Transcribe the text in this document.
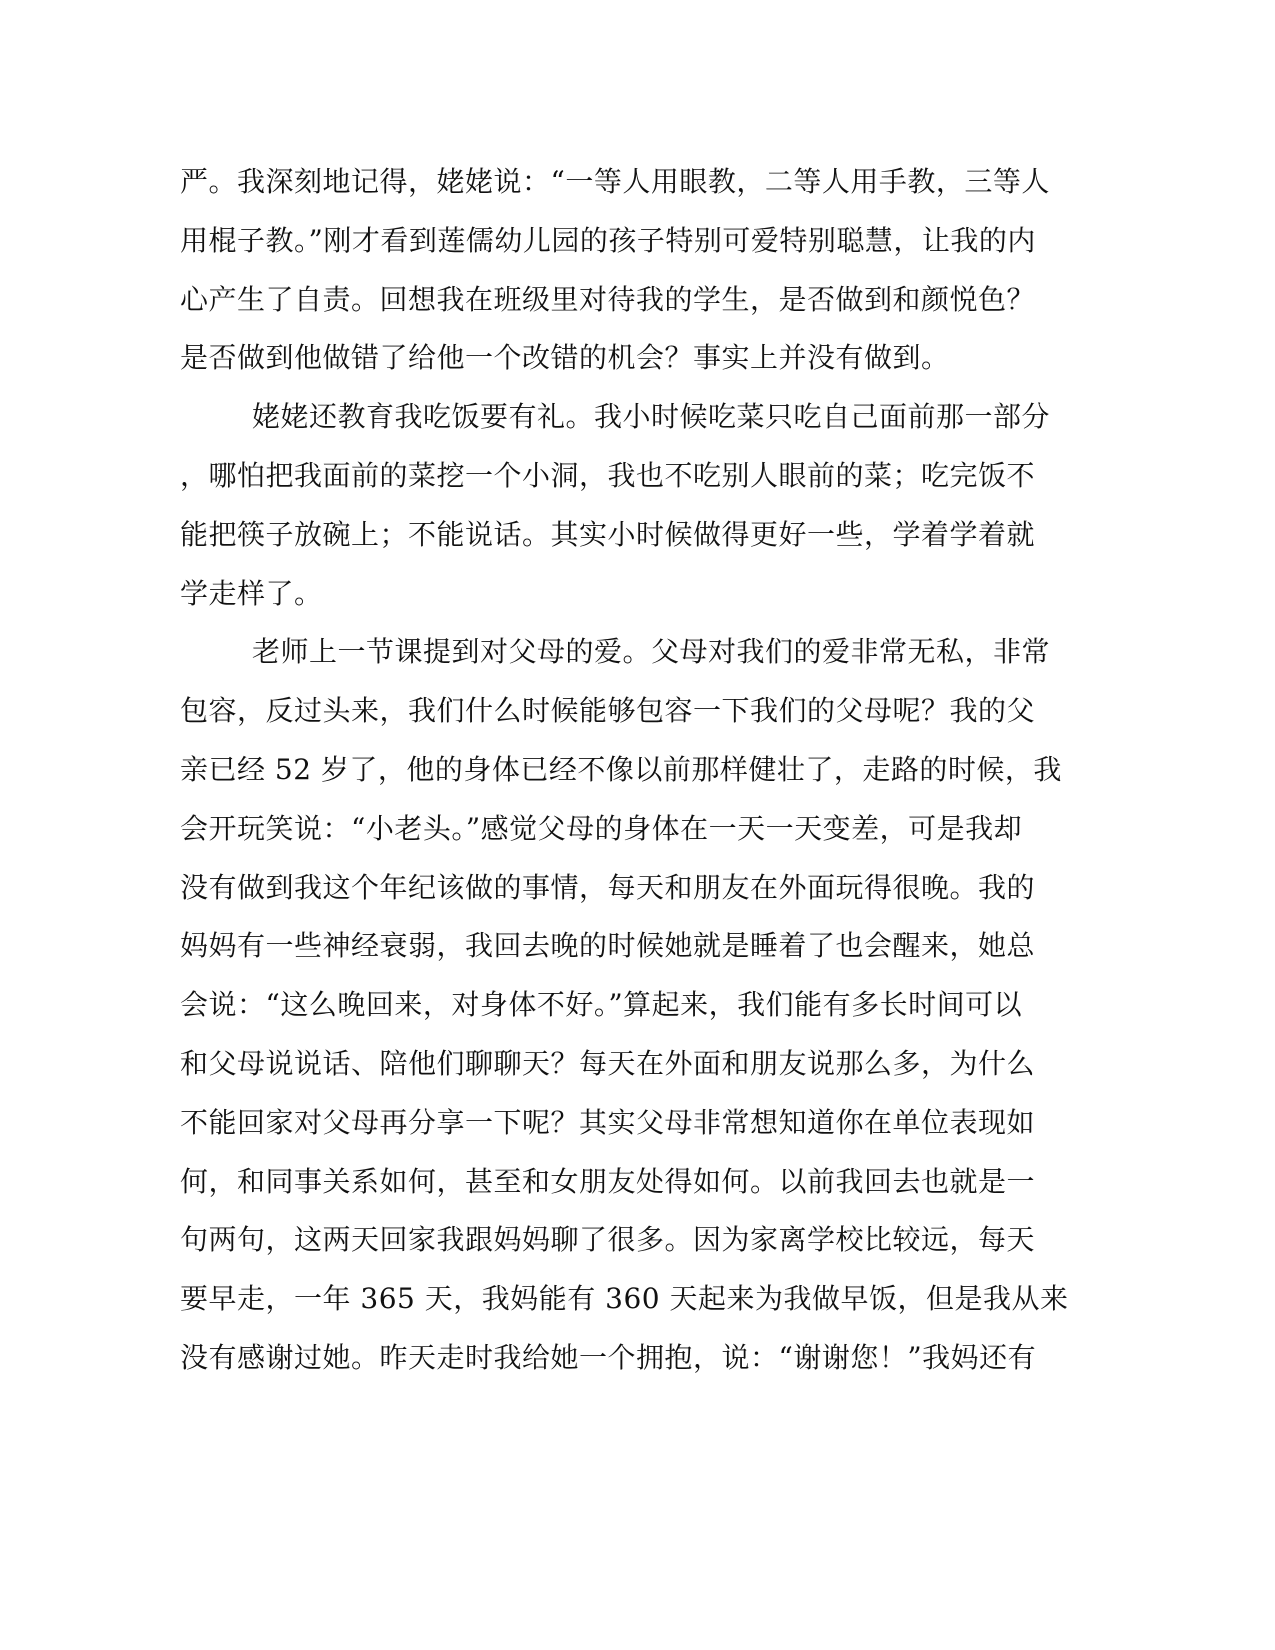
严。我深刻地记得，姥姥说：“一等人用眼教，二等人用手教，三等人
用棍子教。”刚才看到莲儒幼儿园的孩子特别可爱特别聪慧，让我的内
心产生了自责。回想我在班级里对待我的学生，是否做到和颜悦色？
是否做到他做错了给他一个改错的机会？事实上并没有做到。
姥姥还教育我吃饭要有礼。我小时候吃菜只吃自己面前那一部分
，哪怕把我面前的菜挖一个小洞，我也不吃别人眼前的菜；吃完饭不
能把筷子放碗上；不能说话。其实小时候做得更好一些，学着学着就
学走样了。
老师上一节课提到对父母的爱。父母对我们的爱非常无私，非常
包容，反过头来，我们什么时候能够包容一下我们的父母呢？我的父
亲已经 52 岁了，他的身体已经不像以前那样健壮了，走路的时候，我
会开玩笑说：“小老头。”感觉父母的身体在一天一天变差，可是我却
没有做到我这个年纪该做的事情，每天和朋友在外面玩得很晚。我的
妈妈有一些神经衰弱，我回去晚的时候她就是睡着了也会醒来，她总
会说：“这么晚回来，对身体不好。”算起来，我们能有多长时间可以
和父母说说话、陪他们聊聊天？每天在外面和朋友说那么多，为什么
不能回家对父母再分享一下呢？其实父母非常想知道你在单位表现如
何，和同事关系如何，甚至和女朋友处得如何。以前我回去也就是一
句两句，这两天回家我跟妈妈聊了很多。因为家离学校比较远，每天
要早走，一年 365 天，我妈能有 360 天起来为我做早饭，但是我从来
没有感谢过她。昨天走时我给她一个拥抱，说：“谢谢您！”我妈还有
